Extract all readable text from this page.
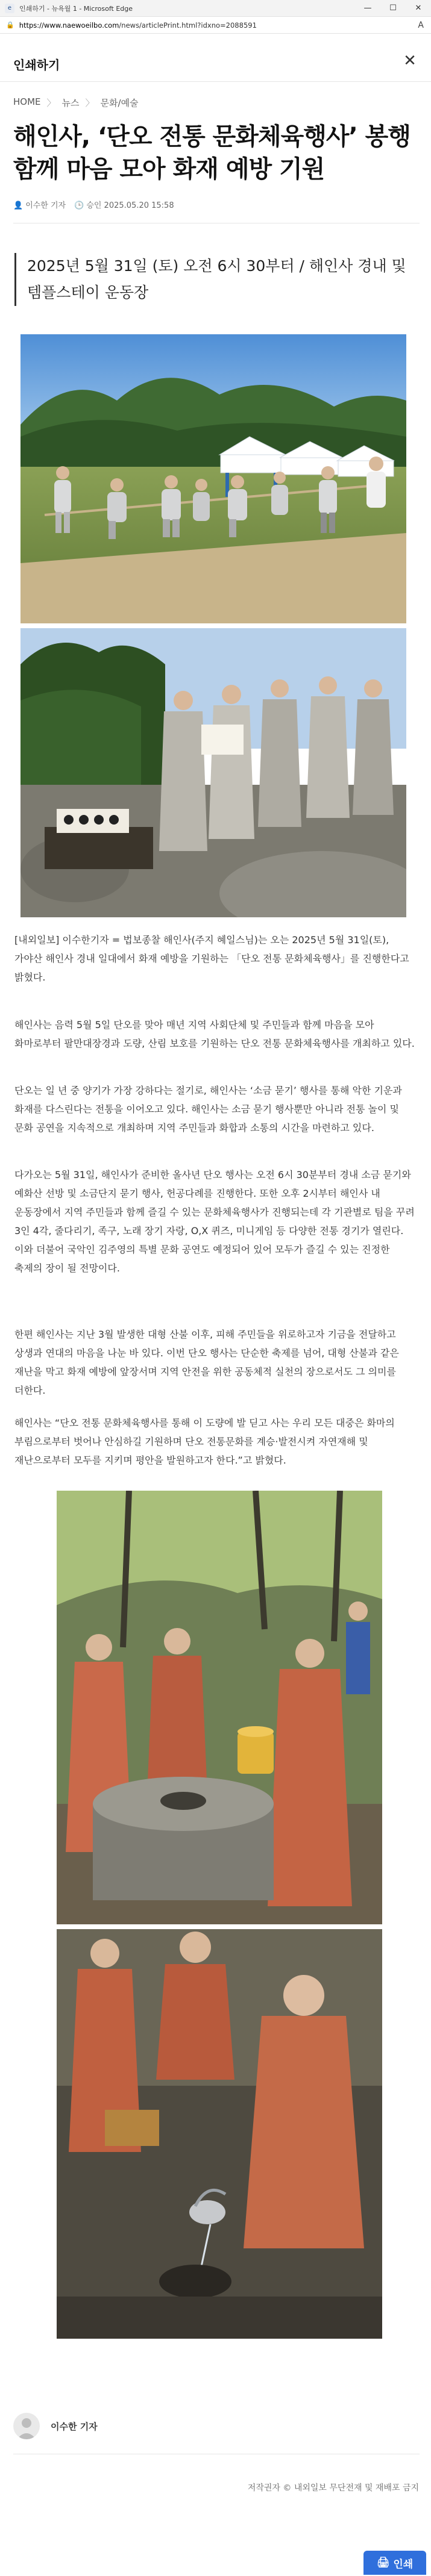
e	인쇄하기 - 뉴욕월 1 - Microsoft Edge	—	☐	✕
🔒 https://www.naewoeilbo.com/news/articlePrint.html?idxno=2088591	A
인쇄하기	✕
HOME 〉 뉴스 〉 문화/예술
해인사, ‘단오 전통 문화체육행사’ 봉행 함께 마음 모아 화재 예방 기원
👤 이수한 기자 🕒 승인 2025.05.20 15:58
2025년 5월 31일 (토) 오전 6시 30부터 / 해인사 경내 및 템플스테이 운동장

[내외일보] 이수한기자 = 법보종찰 해인사(주지 혜일스님)는 오는 2025년 5월 31일(토), 가야산 해인사 경내 일대에서 화재 예방을 기원하는 「단오 전통 문화체육행사」를 진행한다고 밝혔다.

해인사는 음력 5월 5일 단오를 맞아 매년 지역 사회단체 및 주민들과 함께 마음을 모아 화마로부터 팔만대장경과 도량, 산림 보호를 기원하는 단오 전통 문화체육행사를 개최하고 있다.

단오는 일 년 중 양기가 가장 강하다는 절기로, 해인사는 ‘소금 묻기’ 행사를 통해 악한 기운과 화재를 다스린다는 전통을 이어오고 있다. 해인사는 소금 묻기 행사뿐만 아니라 전통 놀이 및 문화 공연을 지속적으로 개최하며 지역 주민들과 화합과 소통의 시간을 마련하고 있다.

다가오는 5월 31일, 해인사가 준비한 올사년 단오 행사는 오전 6시 30분부터 경내 소금 묻기와 예화산 선방 및 소금단지 묻기 행사, 헌공다례를 진행한다. 또한 오후 2시부터 해인사 내 운동장에서 지역 주민들과 함께 즐길 수 있는 문화체육행사가 진행되는데 각 기관별로 팀을 꾸려 3인 4각, 줄다리기, 족구, 노래 장기 자랑, O,X 퀴즈, 미니게임 등 다양한 전통 경기가 열린다. 이와 더불어 국악인 김주영의 특별 문화 공연도 예정되어 있어 모두가 즐길 수 있는 진정한 축제의 장이 될 전망이다.

한편 해인사는 지난 3월 발생한 대형 산불 이후, 피해 주민들을 위로하고자 기금을 전달하고 상생과 연대의 마음을 나눈 바 있다. 이번 단오 행사는 단순한 축제를 넘어, 대형 산불과 같은 재난을 막고 화재 예방에 앞장서며 지역 안전을 위한 공동체적 실천의 장으로서도 그 의미를 더한다.

해인사는 “단오 전통 문화체육행사를 통해 이 도량에 발 딛고 사는 우리 모든 대중은 화마의 부림으로부터 벗어나 안심하길 기원하며 단오 전통문화를 계승·발전시켜 자연재해 및 재난으로부터 모두를 지키며 평안을 발원하고자 한다.”고 밝혔다.

이수한 기자
저작권자 © 내외일보 무단전재 및 재배포 금지
🖨 인쇄
